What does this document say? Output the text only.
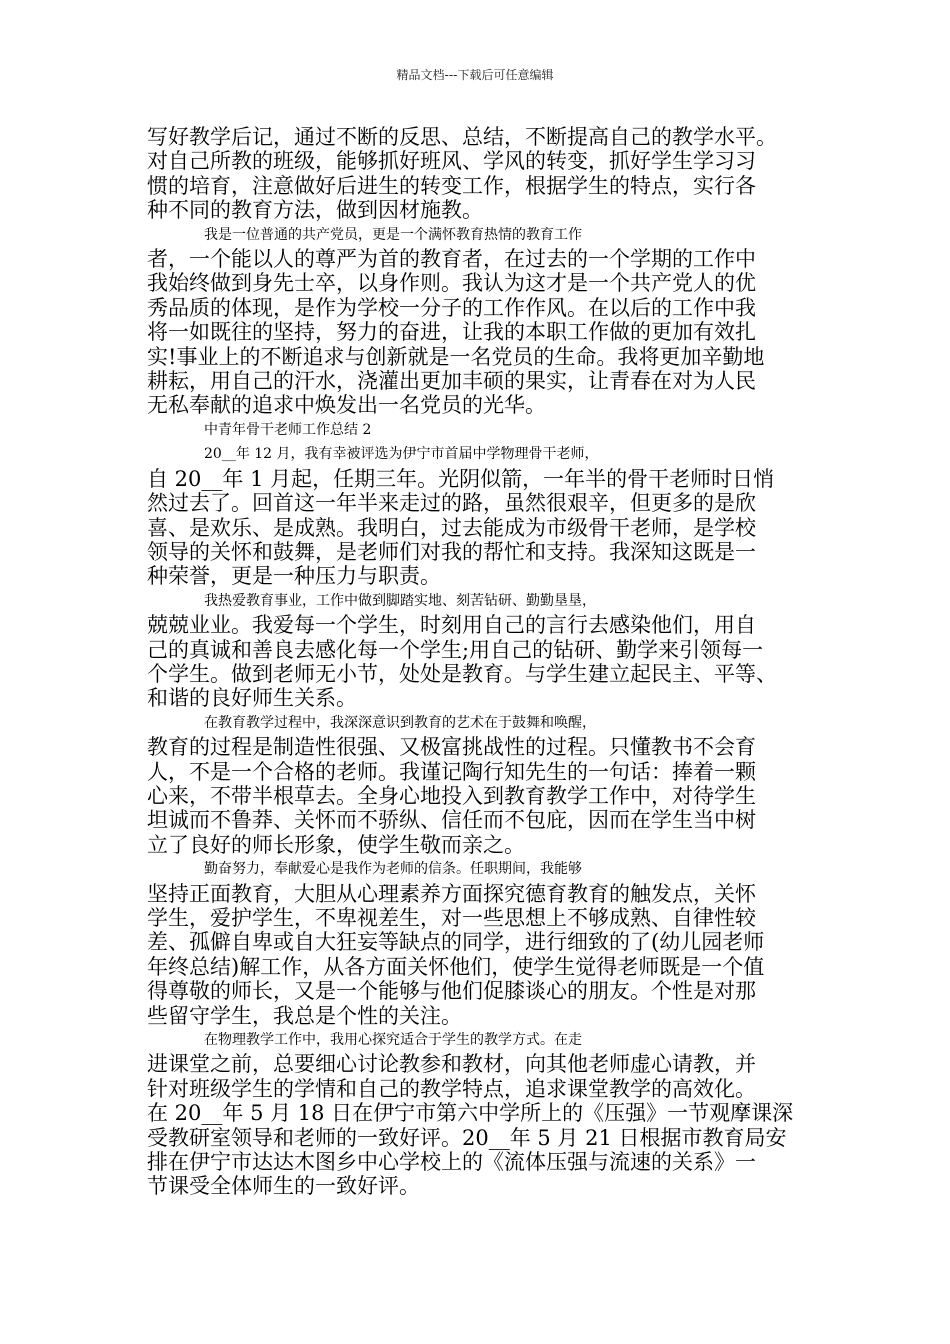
精品文档---下载后可任意编辑
写好教学后记，通过不断的反思、总结，不断提高自己的教学水平。
对自己所教的班级，能够抓好班风、学风的转变，抓好学生学习习
惯的培育，注意做好后进生的转变工作，根据学生的特点，实行各
种不同的教育方法，做到因材施教。
我是一位普通的共产党员，更是一个满怀教育热情的教育工作
者，一个能以人的尊严为首的教育者，在过去的一个学期的工作中
我始终做到身先士卒，以身作则。我认为这才是一个共产党人的优
秀品质的体现，是作为学校一分子的工作作风。在以后的工作中我
将一如既往的坚持，努力的奋进，让我的本职工作做的更加有效扎
实!事业上的不断追求与创新就是一名党员的生命。我将更加辛勤地
耕耘，用自己的汗水，浇灌出更加丰硕的果实，让青春在对为人民
无私奉献的追求中焕发出一名党员的光华。
中青年骨干老师工作总结 2
20__年 12 月，我有幸被评选为伊宁市首届中学物理骨干老师，
自 20__年 1 月起，任期三年。光阴似箭，一年半的骨干老师时日悄
然过去了。回首这一年半来走过的路，虽然很艰辛，但更多的是欣
喜、是欢乐、是成熟。我明白，过去能成为市级骨干老师，是学校
领导的关怀和鼓舞，是老师们对我的帮忙和支持。我深知这既是一
种荣誉，更是一种压力与职责。
我热爱教育事业，工作中做到脚踏实地、刻苦钻研、勤勤垦垦，
兢兢业业。我爱每一个学生，时刻用自己的言行去感染他们，用自
己的真诚和善良去感化每一个学生;用自己的钻研、勤学来引领每一
个学生。做到老师无小节，处处是教育。与学生建立起民主、平等、
和谐的良好师生关系。
在教育教学过程中，我深深意识到教育的艺术在于鼓舞和唤醒，
教育的过程是制造性很强、又极富挑战性的过程。只懂教书不会育
人，不是一个合格的老师。我谨记陶行知先生的一句话：捧着一颗
心来，不带半根草去。全身心地投入到教育教学工作中，对待学生
坦诚而不鲁莽、关怀而不骄纵、信任而不包庇，因而在学生当中树
立了良好的师长形象，使学生敬而亲之。
勤奋努力，奉献爱心是我作为老师的信条。任职期间，我能够
坚持正面教育，大胆从心理素养方面探究德育教育的触发点，关怀
学生，爱护学生，不卑视差生，对一些思想上不够成熟、自律性较
差、孤僻自卑或自大狂妄等缺点的同学，进行细致的了(幼儿园老师
年终总结)解工作，从各方面关怀他们，使学生觉得老师既是一个值
得尊敬的师长，又是一个能够与他们促膝谈心的朋友。个性是对那
些留守学生，我总是个性的关注。
在物理教学工作中，我用心探究适合于学生的教学方式。在走
进课堂之前，总要细心讨论教参和教材，向其他老师虚心请教，并
针对班级学生的学情和自己的教学特点，追求课堂教学的高效化。
在 20__年 5 月 18 日在伊宁市第六中学所上的《压强》一节观摩课深
受教研室领导和老师的一致好评。20__年 5 月 21 日根据市教育局安
排在伊宁市达达木图乡中心学校上的《流体压强与流速的关系》一
节课受全体师生的一致好评。
